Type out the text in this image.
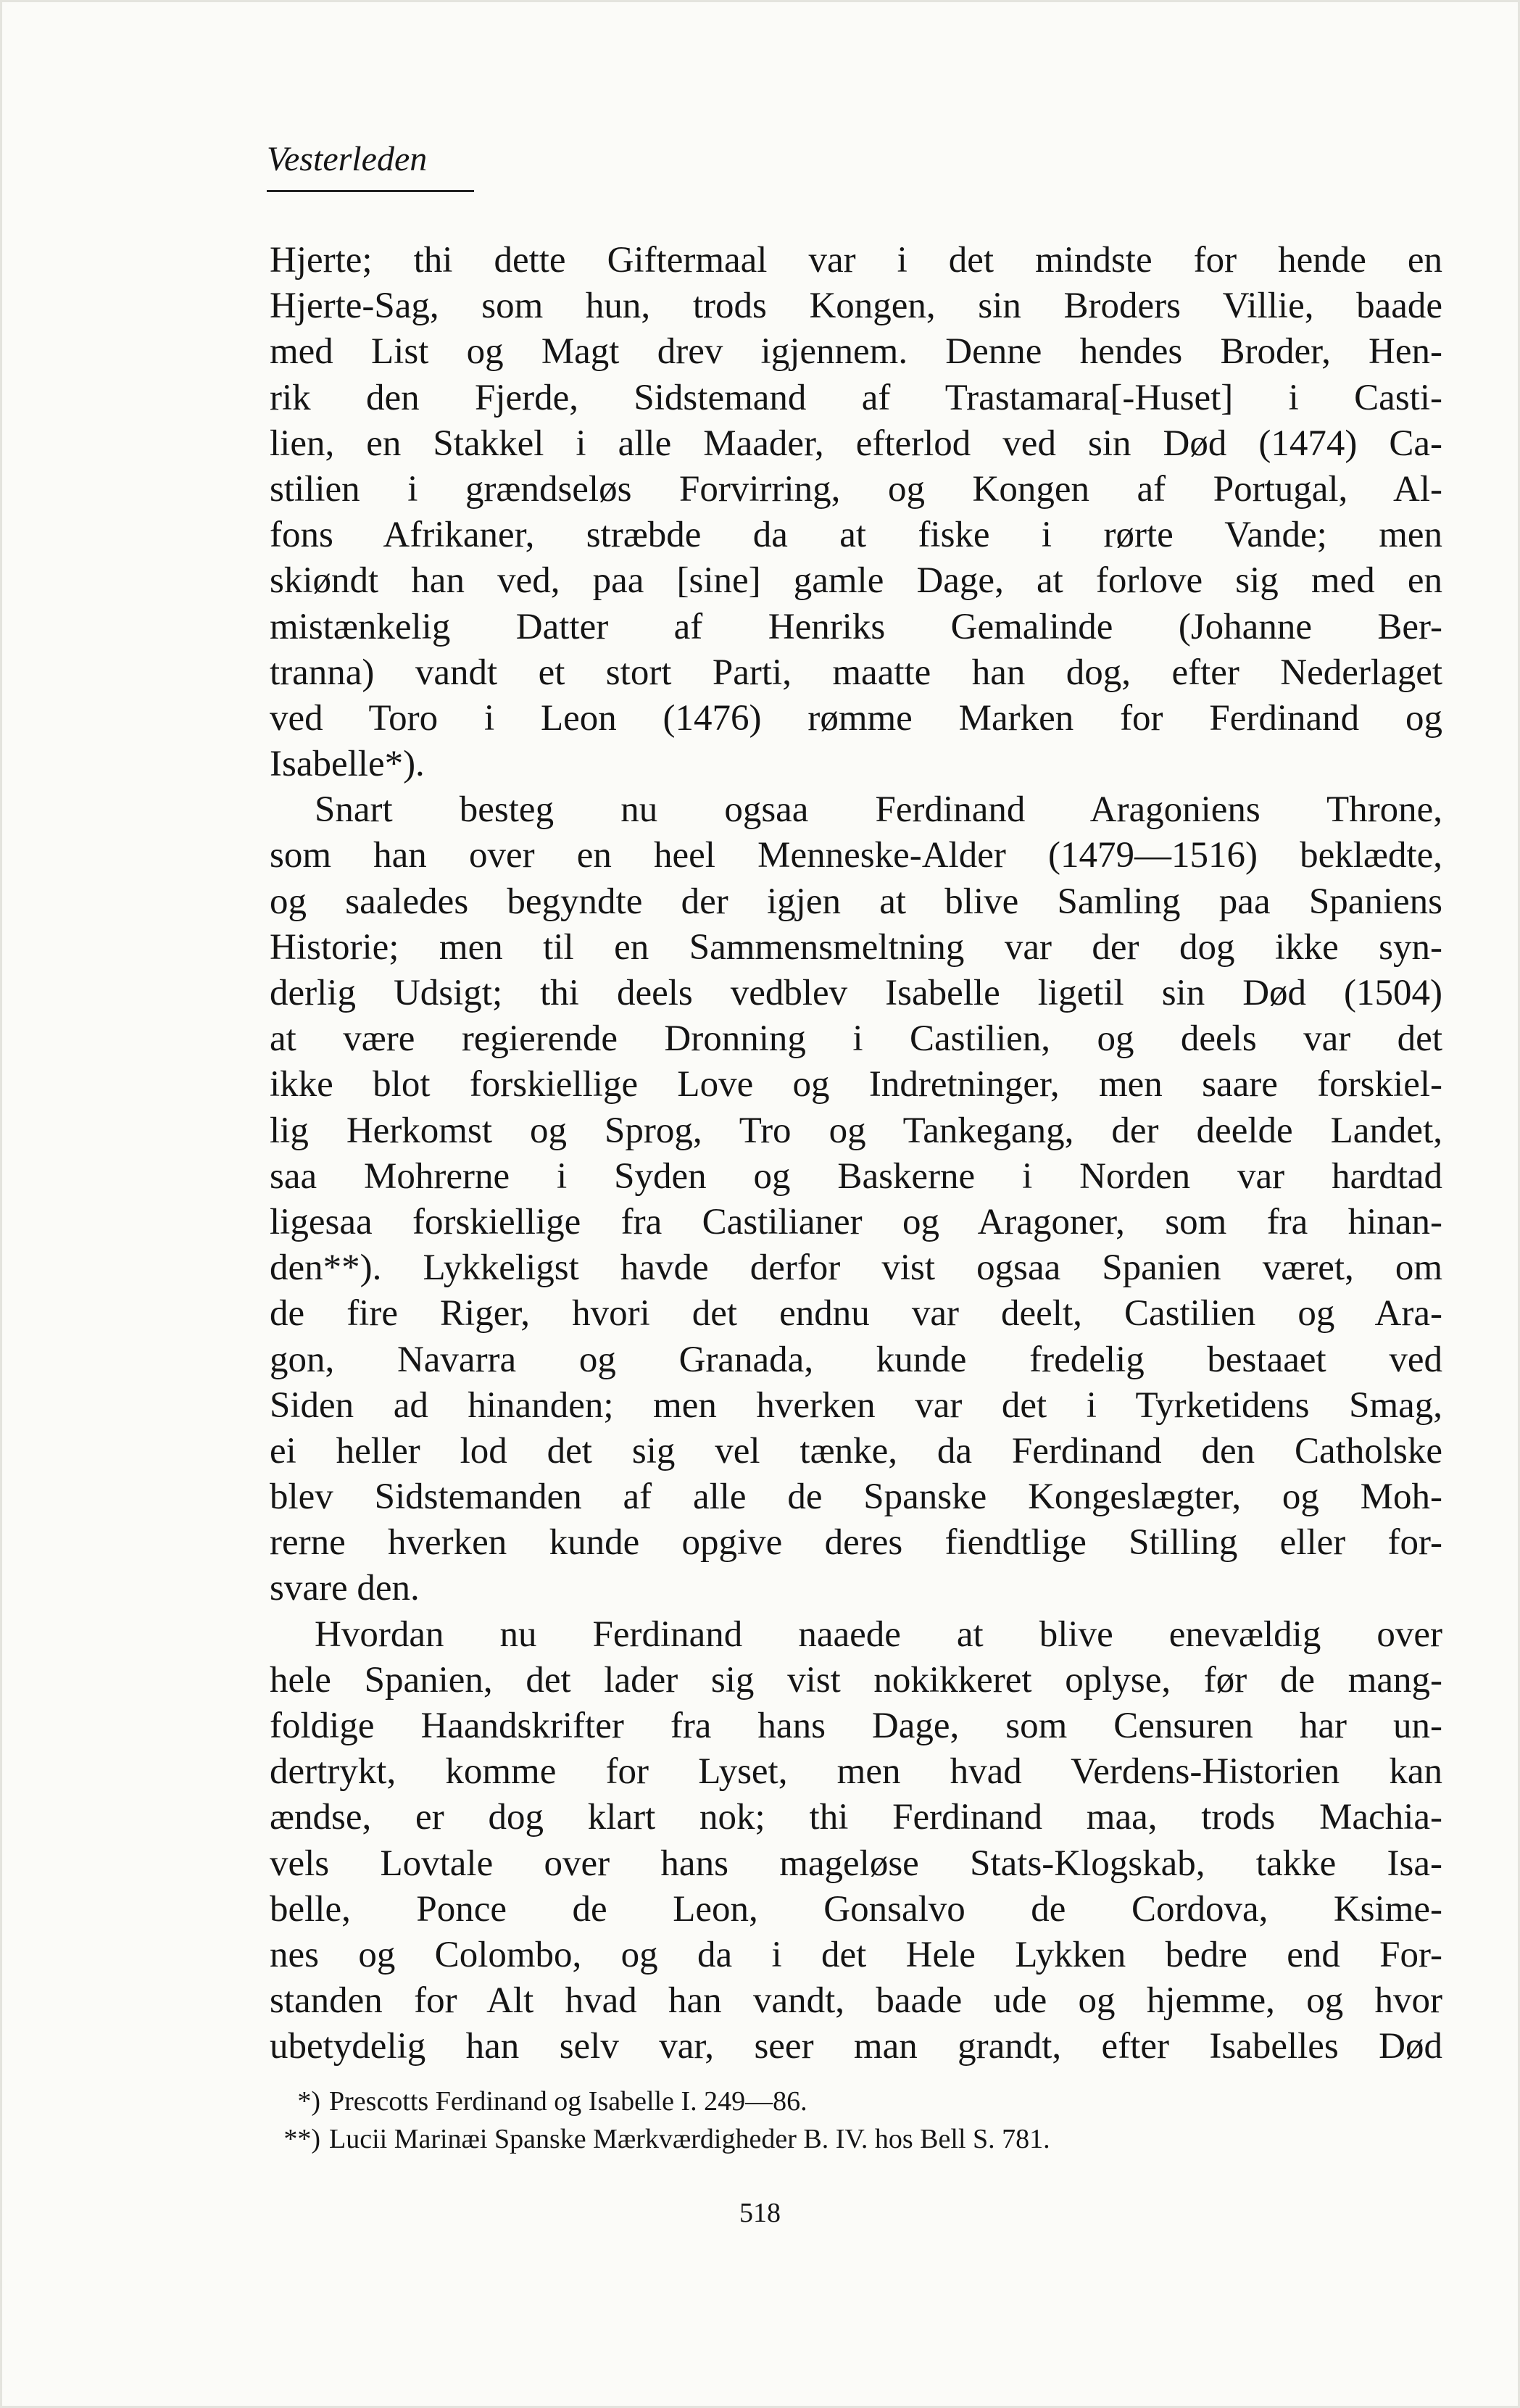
Vesterleden
Hjerte; thi dette Giftermaal var i det mindste for hende en
Hjerte-Sag, som hun, trods Kongen, sin Broders Villie, baade
med List og Magt drev igjennem. Denne hendes Broder, Hen-
rik den Fjerde, Sidstemand af Trastamara[-Huset] i Casti-
lien, en Stakkel i alle Maader, efterlod ved sin Død (1474) Ca-
stilien i grændseløs Forvirring, og Kongen af Portugal, Al-
fons Afrikaner, stræbde da at fiske i rørte Vande; men
skiøndt han ved, paa [sine] gamle Dage, at forlove sig med en
mistænkelig Datter af Henriks Gemalinde (Johanne Ber-
tranna) vandt et stort Parti, maatte han dog, efter Nederlaget
ved Toro i Leon (1476) rømme Marken for Ferdinand og
Isabelle*).
Snart besteg nu ogsaa Ferdinand Aragoniens Throne,
som han over en heel Menneske-Alder (1479—1516) beklædte,
og saaledes begyndte der igjen at blive Samling paa Spaniens
Historie; men til en Sammensmeltning var der dog ikke syn-
derlig Udsigt; thi deels vedblev Isabelle ligetil sin Død (1504)
at være regierende Dronning i Castilien, og deels var det
ikke blot forskiellige Love og Indretninger, men saare forskiel-
lig Herkomst og Sprog, Tro og Tankegang, der deelde Landet,
saa Mohrerne i Syden og Baskerne i Norden var hardtad
ligesaa forskiellige fra Castilianer og Aragoner, som fra hinan-
den**). Lykkeligst havde derfor vist ogsaa Spanien været, om
de fire Riger, hvori det endnu var deelt, Castilien og Ara-
gon, Navarra og Granada, kunde fredelig bestaaet ved
Siden ad hinanden; men hverken var det i Tyrketidens Smag,
ei heller lod det sig vel tænke, da Ferdinand den Catholske
blev Sidstemanden af alle de Spanske Kongeslægter, og Moh-
rerne hverken kunde opgive deres fiendtlige Stilling eller for-
svare den.
Hvordan nu Ferdinand naaede at blive enevældig over
hele Spanien, det lader sig vist nokikkeret oplyse, før de mang-
foldige Haandskrifter fra hans Dage, som Censuren har un-
dertrykt, komme for Lyset, men hvad Verdens-Historien kan
ændse, er dog klart nok; thi Ferdinand maa, trods Machia-
vels Lovtale over hans mageløse Stats-Klogskab, takke Isa-
belle, Ponce de Leon, Gonsalvo de Cordova, Ksime-
nes og Colombo, og da i det Hele Lykken bedre end For-
standen for Alt hvad han vandt, baade ude og hjemme, og hvor
ubetydelig han selv var, seer man grandt, efter Isabelles Død
*) Prescotts Ferdinand og Isabelle I. 249—86.
**) Lucii Marinæi Spanske Mærkværdigheder B. IV. hos Bell S. 781.
518
